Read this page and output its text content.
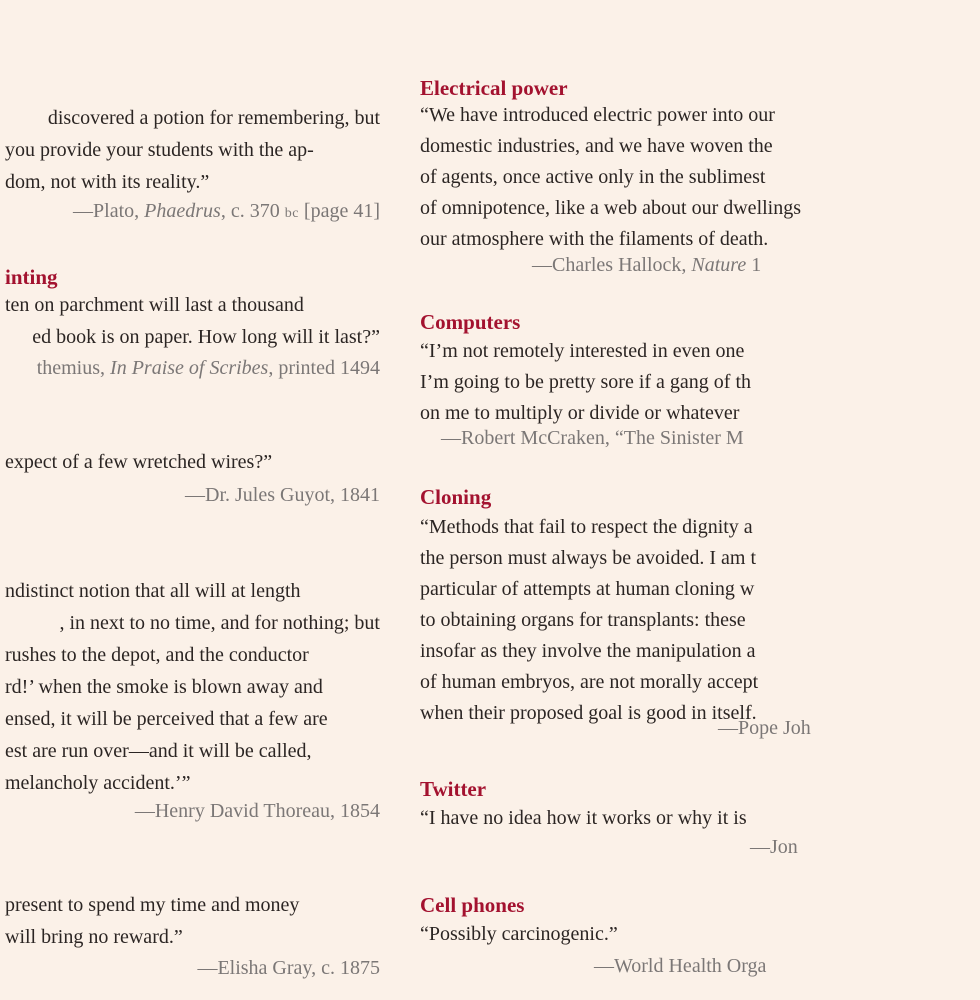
discovered a potion for remembering, but

you provide your students with the ap-

dom, not with its reality.”

—Plato, Phaedrus, c. 370 bc [page 41]
inting

ten on parchment will last a thousand

ed book is on paper. How long will it last?”

themius, In Praise of Scribes, printed 1494

expect of a few wretched wires?”

—Dr. Jules Guyot, 1841

ndistinct notion that all will at length

, in next to no time, and for nothing; but

rushes to the depot, and the conductor

rd!’ when the smoke is blown away and

ensed, it will be perceived that a few are

est are run over—and it will be called,

melancholy accident.’”

—Henry David Thoreau, 1854

present to spend my time and money

will bring no reward.”

—Elisha Gray, c. 1875
Electrical power

“We have introduced electric power into our

domestic industries, and we have woven the

of agents, once active only in the sublimest

of omnipotence, like a web about our dwellings

our atmosphere with the filaments of death.

—Charles Hallock, Nature 1
Computers

“I’m not remotely interested in even one

I’m going to be pretty sore if a gang of th

on me to multiply or divide or whatever

—Robert McCraken, “The Sinister M
Cloning

“Methods that fail to respect the dignity a

the person must always be avoided. I am t

particular of attempts at human cloning w

to obtaining organs for transplants: these

insofar as they involve the manipulation a

of human embryos, are not morally accept

when their proposed goal is good in itself.

—Pope Joh
Twitter

“I have no idea how it works or why it is

—Jon
Cell phones

“Possibly carcinogenic.”

—World Health Orga
